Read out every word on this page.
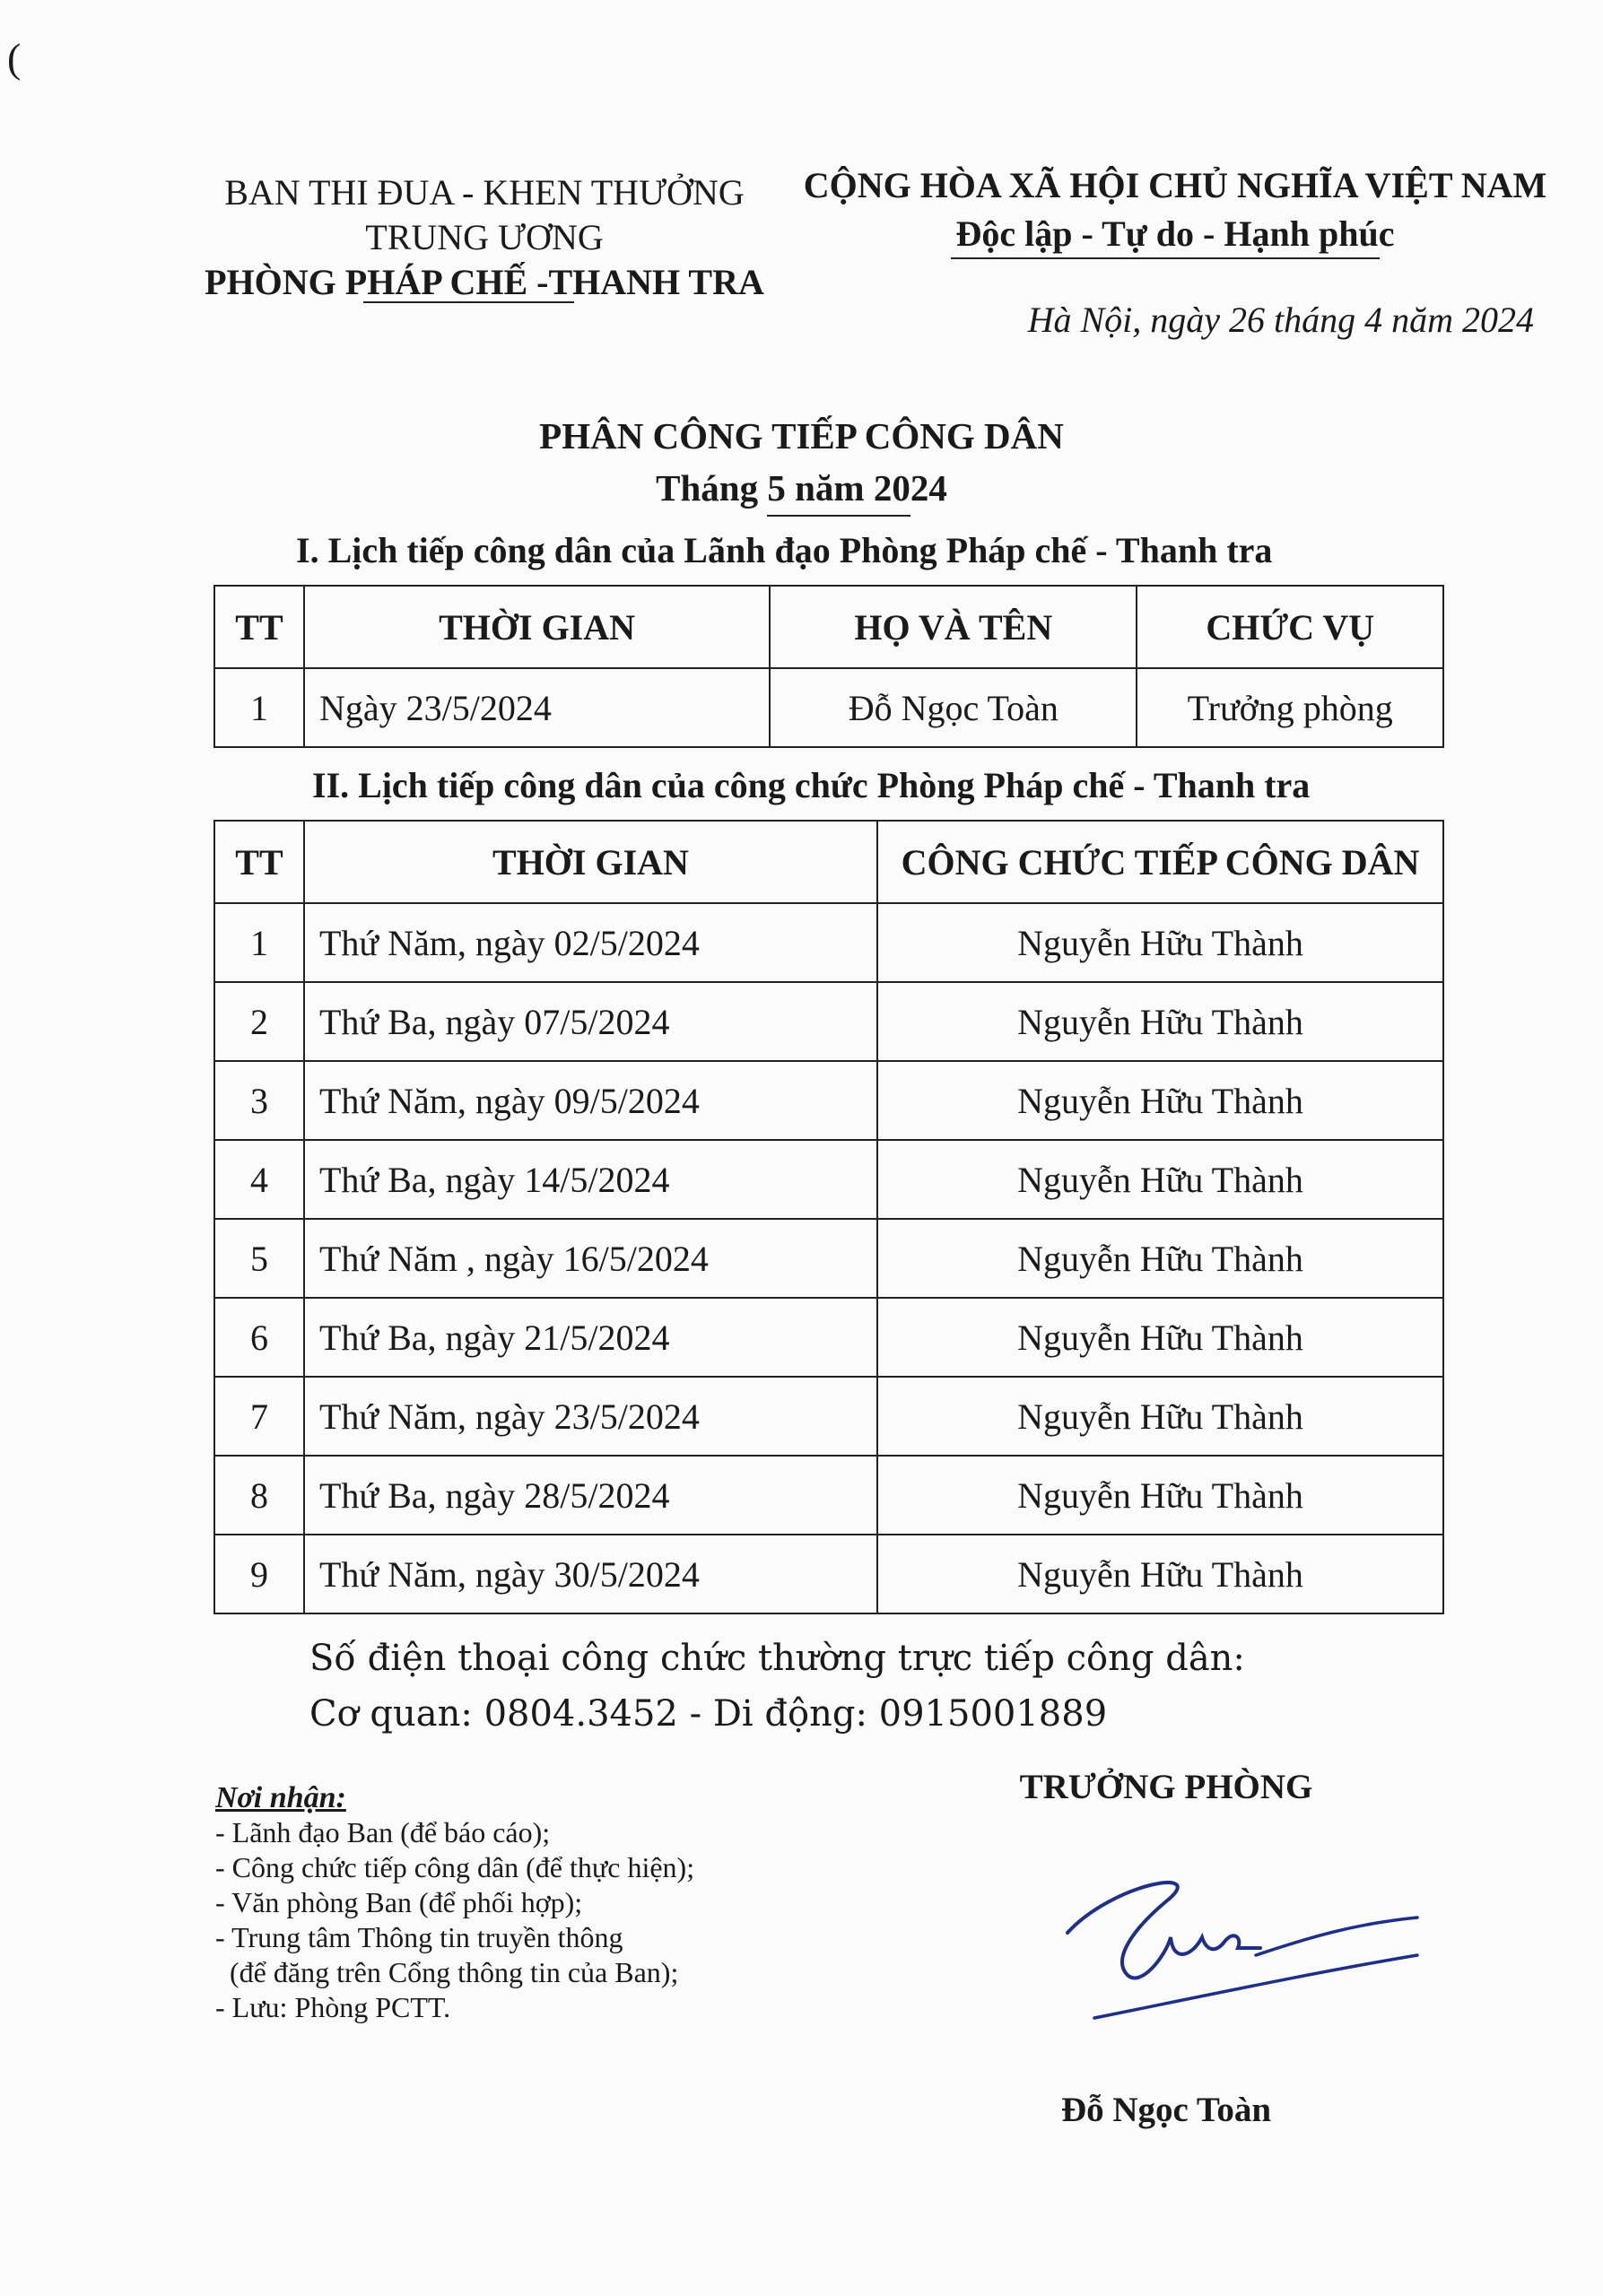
(
BAN THI ĐUA - KHEN THƯỞNG
TRUNG ƯƠNG
PHÒNG PHÁP CHẾ -THANH TRA
CỘNG HÒA XÃ HỘI CHỦ NGHĨA VIỆT NAM
Độc lập - Tự do - Hạnh phúc
Hà Nội, ngày 26 tháng 4 năm 2024
PHÂN CÔNG TIẾP CÔNG DÂN
Tháng 5 năm 2024
I. Lịch tiếp công dân của Lãnh đạo Phòng Pháp chế - Thanh tra
TT	THỜI GIAN	HỌ VÀ TÊN	CHỨC VỤ
1	Ngày 23/5/2024	Đỗ Ngọc Toàn	Trưởng phòng
II. Lịch tiếp công dân của công chức Phòng Pháp chế - Thanh tra
TT	THỜI GIAN	CÔNG CHỨC TIẾP CÔNG DÂN
1	Thứ Năm, ngày 02/5/2024	Nguyễn Hữu Thành
2	Thứ Ba, ngày 07/5/2024	Nguyễn Hữu Thành
3	Thứ Năm, ngày 09/5/2024	Nguyễn Hữu Thành
4	Thứ Ba, ngày 14/5/2024	Nguyễn Hữu Thành
5	Thứ Năm , ngày 16/5/2024	Nguyễn Hữu Thành
6	Thứ Ba, ngày 21/5/2024	Nguyễn Hữu Thành
7	Thứ Năm, ngày 23/5/2024	Nguyễn Hữu Thành
8	Thứ Ba, ngày 28/5/2024	Nguyễn Hữu Thành
9	Thứ Năm, ngày 30/5/2024	Nguyễn Hữu Thành
Số điện thoại công chức thường trực tiếp công dân:
Cơ quan: 0804.3452 - Di động: 0915001889
Nơi nhận:
- Lãnh đạo Ban (để báo cáo);
- Công chức tiếp công dân (để thực hiện);
- Văn phòng Ban (để phối hợp);
- Trung tâm Thông tin truyền thông
(để đăng trên Cổng thông tin của Ban);
- Lưu: Phòng PCTT.
TRƯỞNG PHÒNG
Đỗ Ngọc Toàn
